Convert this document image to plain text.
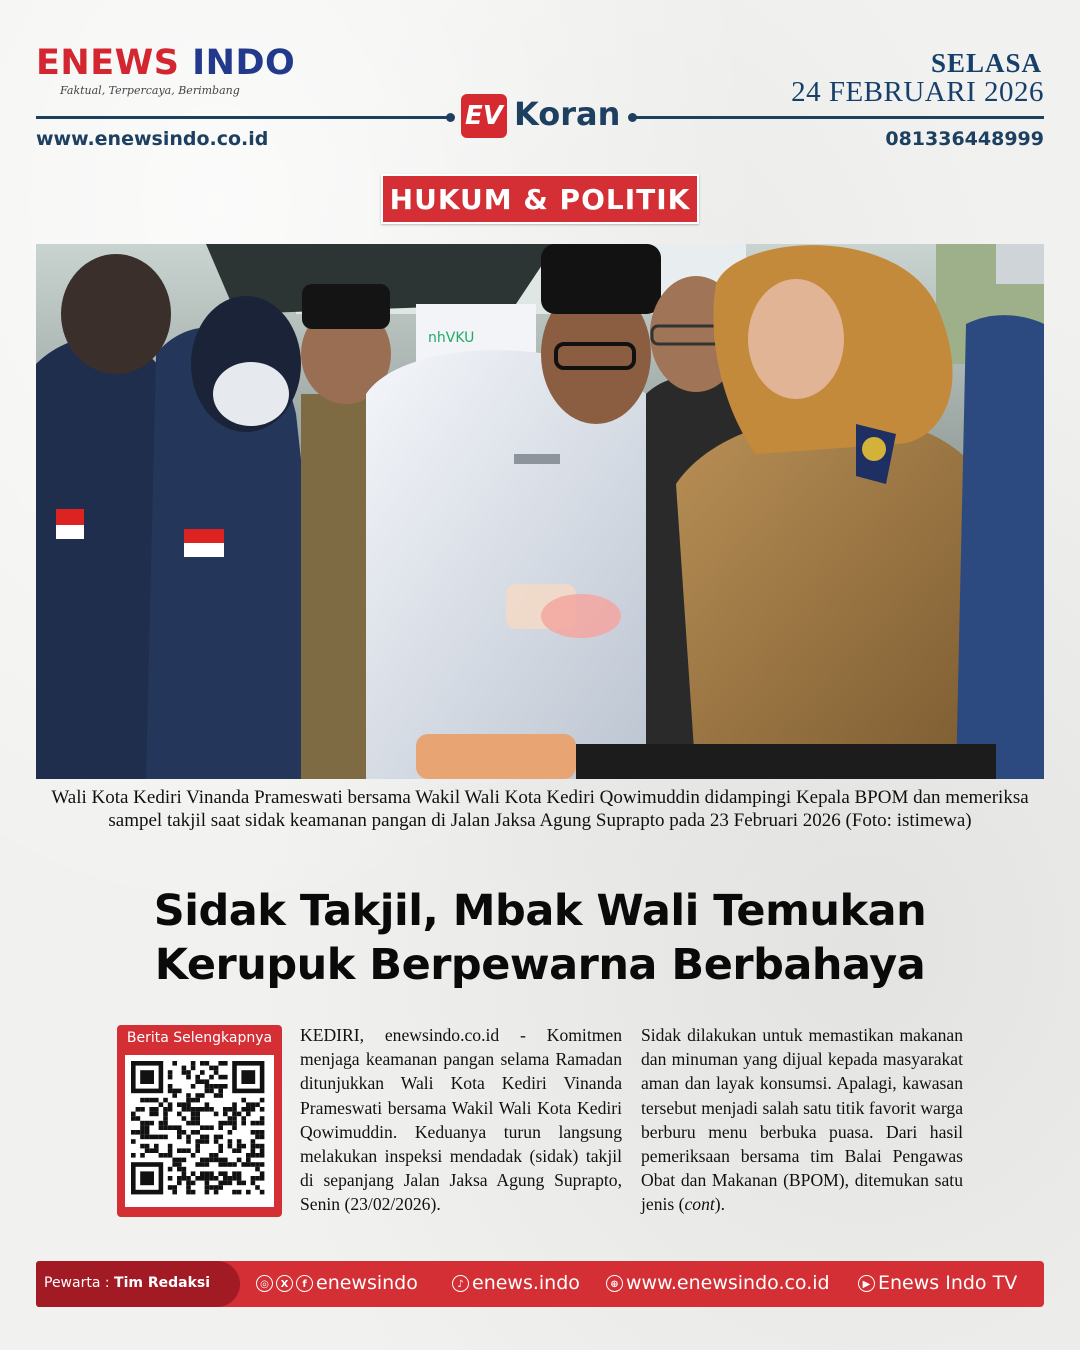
ENEWS INDO
Faktual, Terpercaya, Berimbang
SELASA
24 FEBRUARI 2026
EV Koran
www.enewsindo.co.id	081336448999
HUKUM & POLITIK
nhVKU
Wali Kota Kediri Vinanda Prameswati bersama Wakil Wali Kota Kediri Qowimuddin didampingi Kepala BPOM dan memeriksa sampel takjil saat sidak keamanan pangan di Jalan Jaksa Agung Suprapto pada 23 Februari 2026 (Foto: istimewa)
Sidak Takjil, Mbak Wali Temukan
Kerupuk Berpewarna Berbahaya
Berita Selengkapnya	KEDIRI, enewsindo.co.id - Komitmen menjaga keamanan pangan selama Ramadan ditunjukkan Wali Kota Kediri Vinanda Prameswati bersama Wakil Wali Kota Kediri Qowimuddin. Keduanya turun langsung melakukan inspeksi mendadak (sidak) takjil di sepanjang Jalan Jaksa Agung Suprapto, Senin (23/02/2026).
Sidak dilakukan untuk memastikan makanan dan minuman yang dijual kepada masyarakat aman dan layak konsumsi. Apalagi, kawasan tersebut menjadi salah satu titik favorit warga berburu menu berbuka puasa. Dari hasil pemeriksaan bersama tim Balai Pengawas Obat dan Makanan (BPOM), ditemukan satu jenis (cont).
Pewarta : Tim Redaksi	◎ X f enewsindo	♪ enews.indo	⊕ www.enewsindo.co.id	▶ Enews Indo TV
